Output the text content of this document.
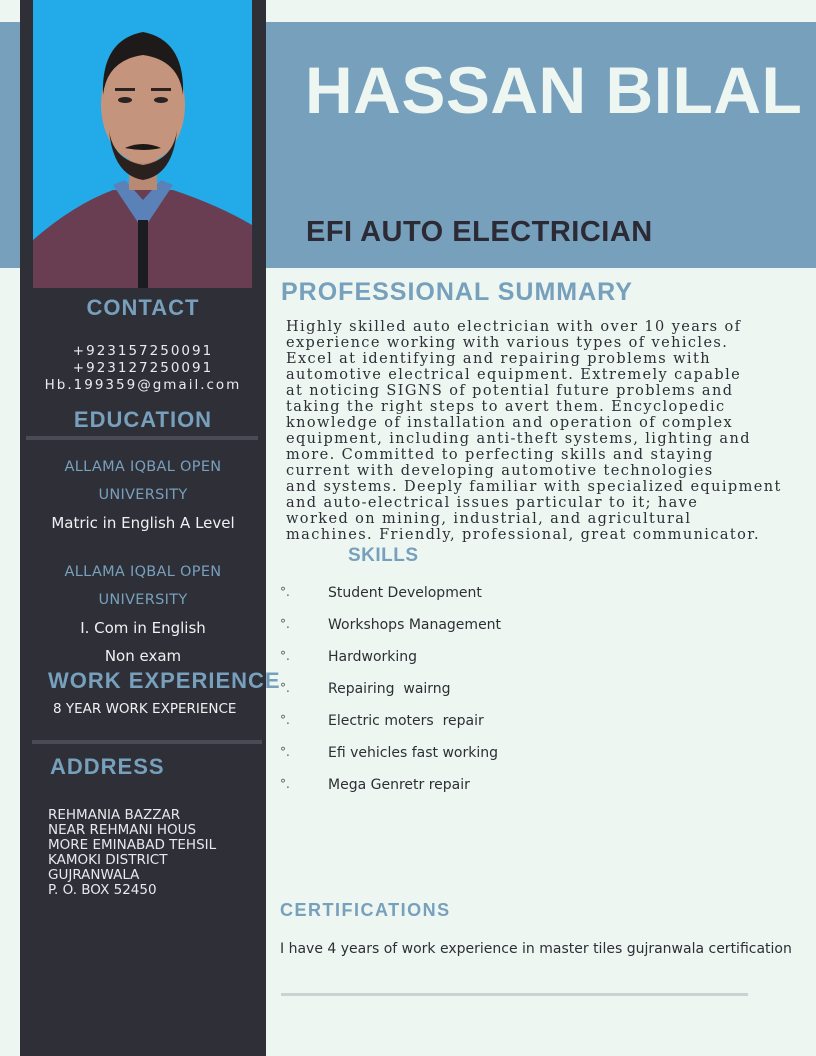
HASSAN BILAL
EFI AUTO ELECTRICIAN
CONTACT
+923157250091
+923127250091
Hb.199359@gmail.com
EDUCATION
ALLAMA IQBAL OPEN
UNIVERSITY
Matric in English A Level
ALLAMA IQBAL OPEN
UNIVERSITY
I. Com in English
Non exam
WORK EXPERIENCE
8 YEAR WORK EXPERIENCE
ADDRESS
REHMANIA BAZZAR
NEAR REHMANI HOUS
MORE EMINABAD TEHSIL
KAMOKI DISTRICT
GUJRANWALA
P. O. BOX 52450
PROFESSIONAL SUMMARY
Highly skilled auto electrician with over 10 years of
experience working with various types of vehicles.
Excel at identifying and repairing problems with
automotive electrical equipment. Extremely capable
at noticing SIGNS of potential future problems and
taking the right steps to avert them. Encyclopedic
knowledge of installation and operation of complex
equipment, including anti-theft systems, lighting and
more. Committed to perfecting skills and staying
current with developing automotive technologies
and systems. Deeply familiar with specialized equipment
and auto-electrical issues particular to it; have
worked on mining, industrial, and agricultural
machines. Friendly, professional, great communicator.
SKILLS
°.	Student Development
°.	Workshops Management
°.	Hardworking
°.	Repairing  wairng
°.	Electric moters  repair
°.	Efi vehicles fast working
°.	Mega Genretr repair
CERTIFICATIONS
I have 4 years of work experience in master tiles gujranwala certification
